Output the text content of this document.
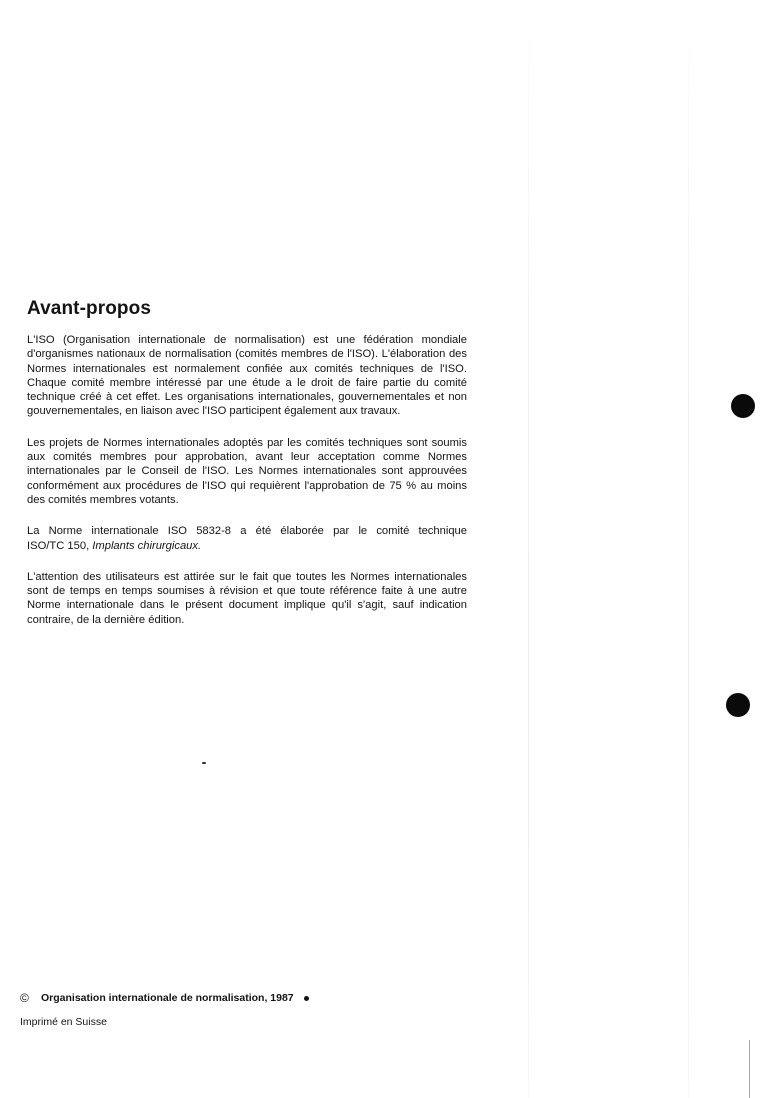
Avant-propos

L'ISO (Organisation internationale de normalisation) est une fédération mondiale d'organismes nationaux de normalisation (comités membres de l'ISO). L'élaboration des Normes internationales est normalement confiée aux comités techniques de l'ISO. Chaque comité membre intéressé par une étude a le droit de faire partie du comité technique créé à cet effet. Les organisations internationales, gouvernementales et non gouvernementales, en liaison avec l'ISO participent également aux travaux.

Les projets de Normes internationales adoptés par les comités techniques sont soumis aux comités membres pour approbation, avant leur acceptation comme Normes internationales par le Conseil de l'ISO. Les Normes internationales sont approuvées conformément aux procédures de l'ISO qui requièrent l'approbation de 75 % au moins des comités membres votants.

La Norme internationale ISO 5832-8 a été élaborée par le comité technique
ISO/TC 150, Implants chirurgicaux.

L'attention des utilisateurs est attirée sur le fait que toutes les Normes internationales sont de temps en temps soumises à révision et que toute référence faite à une autre Norme internationale dans le présent document implique qu'il s'agit, sauf indication contraire, de la dernière édition.

©	Organisation internationale de normalisation, 1987
Imprimé en Suisse
